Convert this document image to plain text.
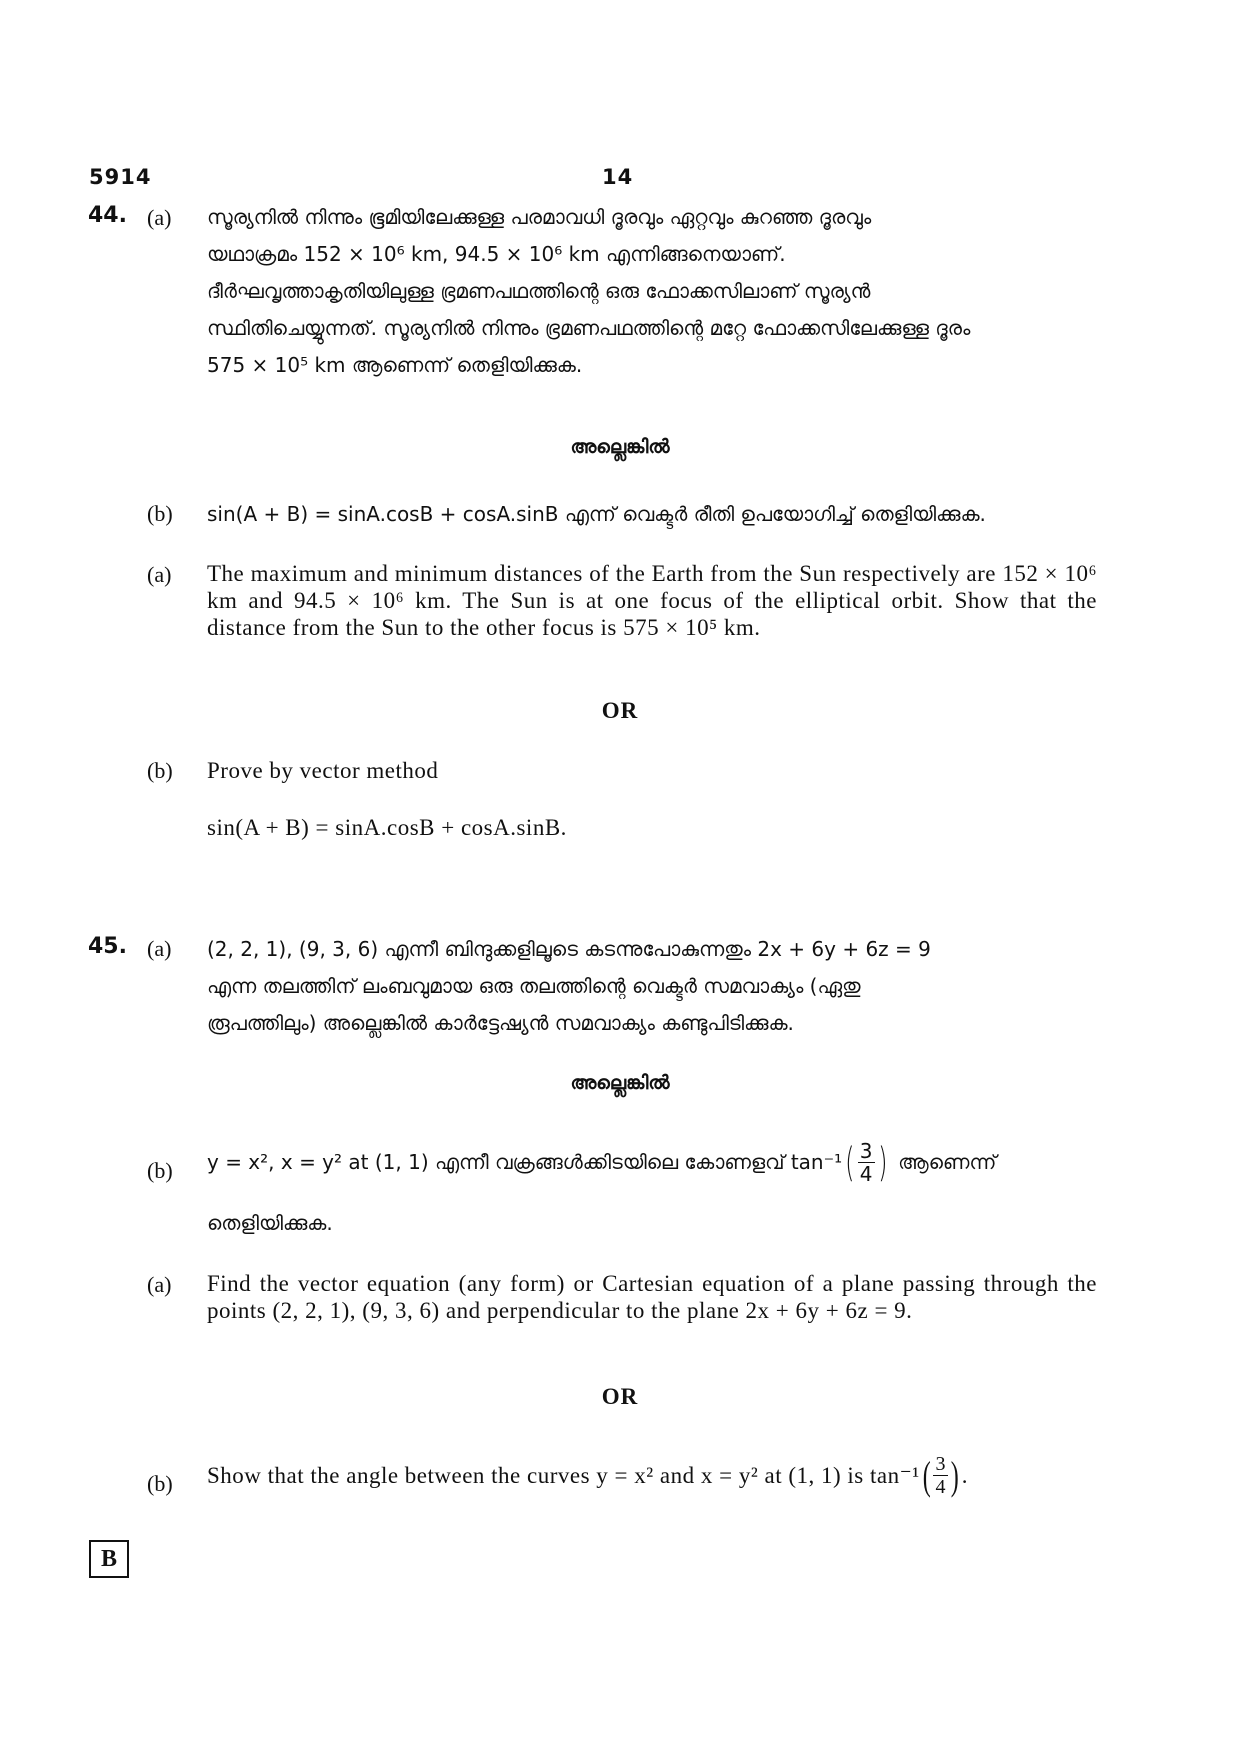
5914	14
44. (a) സൂര്യനിൽ നിന്നും ഭൂമിയിലേക്കുള്ള പരമാവധി ദൂരവും ഏറ്റവും കുറഞ്ഞ ദൂരവും
യഥാക്രമം 152 × 10⁶ km, 94.5 × 10⁶ km എന്നിങ്ങനെയാണ്.
ദീർഘവൃത്താകൃതിയിലുള്ള ഭ്രമണപഥത്തിന്റെ ഒരു ഫോക്കസിലാണ് സൂര്യൻ
സ്ഥിതിചെയ്യുന്നത്. സൂര്യനിൽ നിന്നും ഭ്രമണപഥത്തിന്റെ മറ്റേ ഫോക്കസിലേക്കുള്ള ദൂരം
575 × 10⁵ km ആണെന്ന് തെളിയിക്കുക.
അല്ലെങ്കിൽ
(b) sin(A + B) = sinA.cosB + cosA.sinB എന്ന് വെക്ടർ രീതി ഉപയോഗിച്ച് തെളിയിക്കുക.
(a) The maximum and minimum distances of the Earth from the Sun respectively are 152 × 10⁶ km and 94.5 × 10⁶ km. The Sun is at one focus of the elliptical orbit. Show that the distance from the Sun to the other focus is 575 × 10⁵ km.
OR
(b) Prove by vector method
sin(A + B) = sinA.cosB + cosA.sinB.
45. (a) (2, 2, 1), (9, 3, 6) എന്നീ ബിന്ദുക്കളിലൂടെ കടന്നുപോകുന്നതും 2x + 6y + 6z = 9
എന്ന തലത്തിന് ലംബവുമായ ഒരു തലത്തിന്റെ വെക്ടർ സമവാക്യം (ഏതു
രൂപത്തിലും) അല്ലെങ്കിൽ കാർട്ടേഷ്യൻ സമവാക്യം കണ്ടുപിടിക്കുക.
അല്ലെങ്കിൽ
(b) y = x², x = y² at (1, 1) എന്നീ വക്രങ്ങൾക്കിടയിലെ കോണളവ് tan⁻¹ ( $\frac{3}{4}$ ) ആണെന്ന്
തെളിയിക്കുക.
(a) Find the vector equation (any form) or Cartesian equation of a plane passing through the points (2, 2, 1), (9, 3, 6) and perpendicular to the plane 2x + 6y + 6z = 9.
OR
(b) Show that the angle between the curves y = x² and x = y² at (1, 1) is tan⁻¹ ( $\frac{3}{4}$ ) .
B
